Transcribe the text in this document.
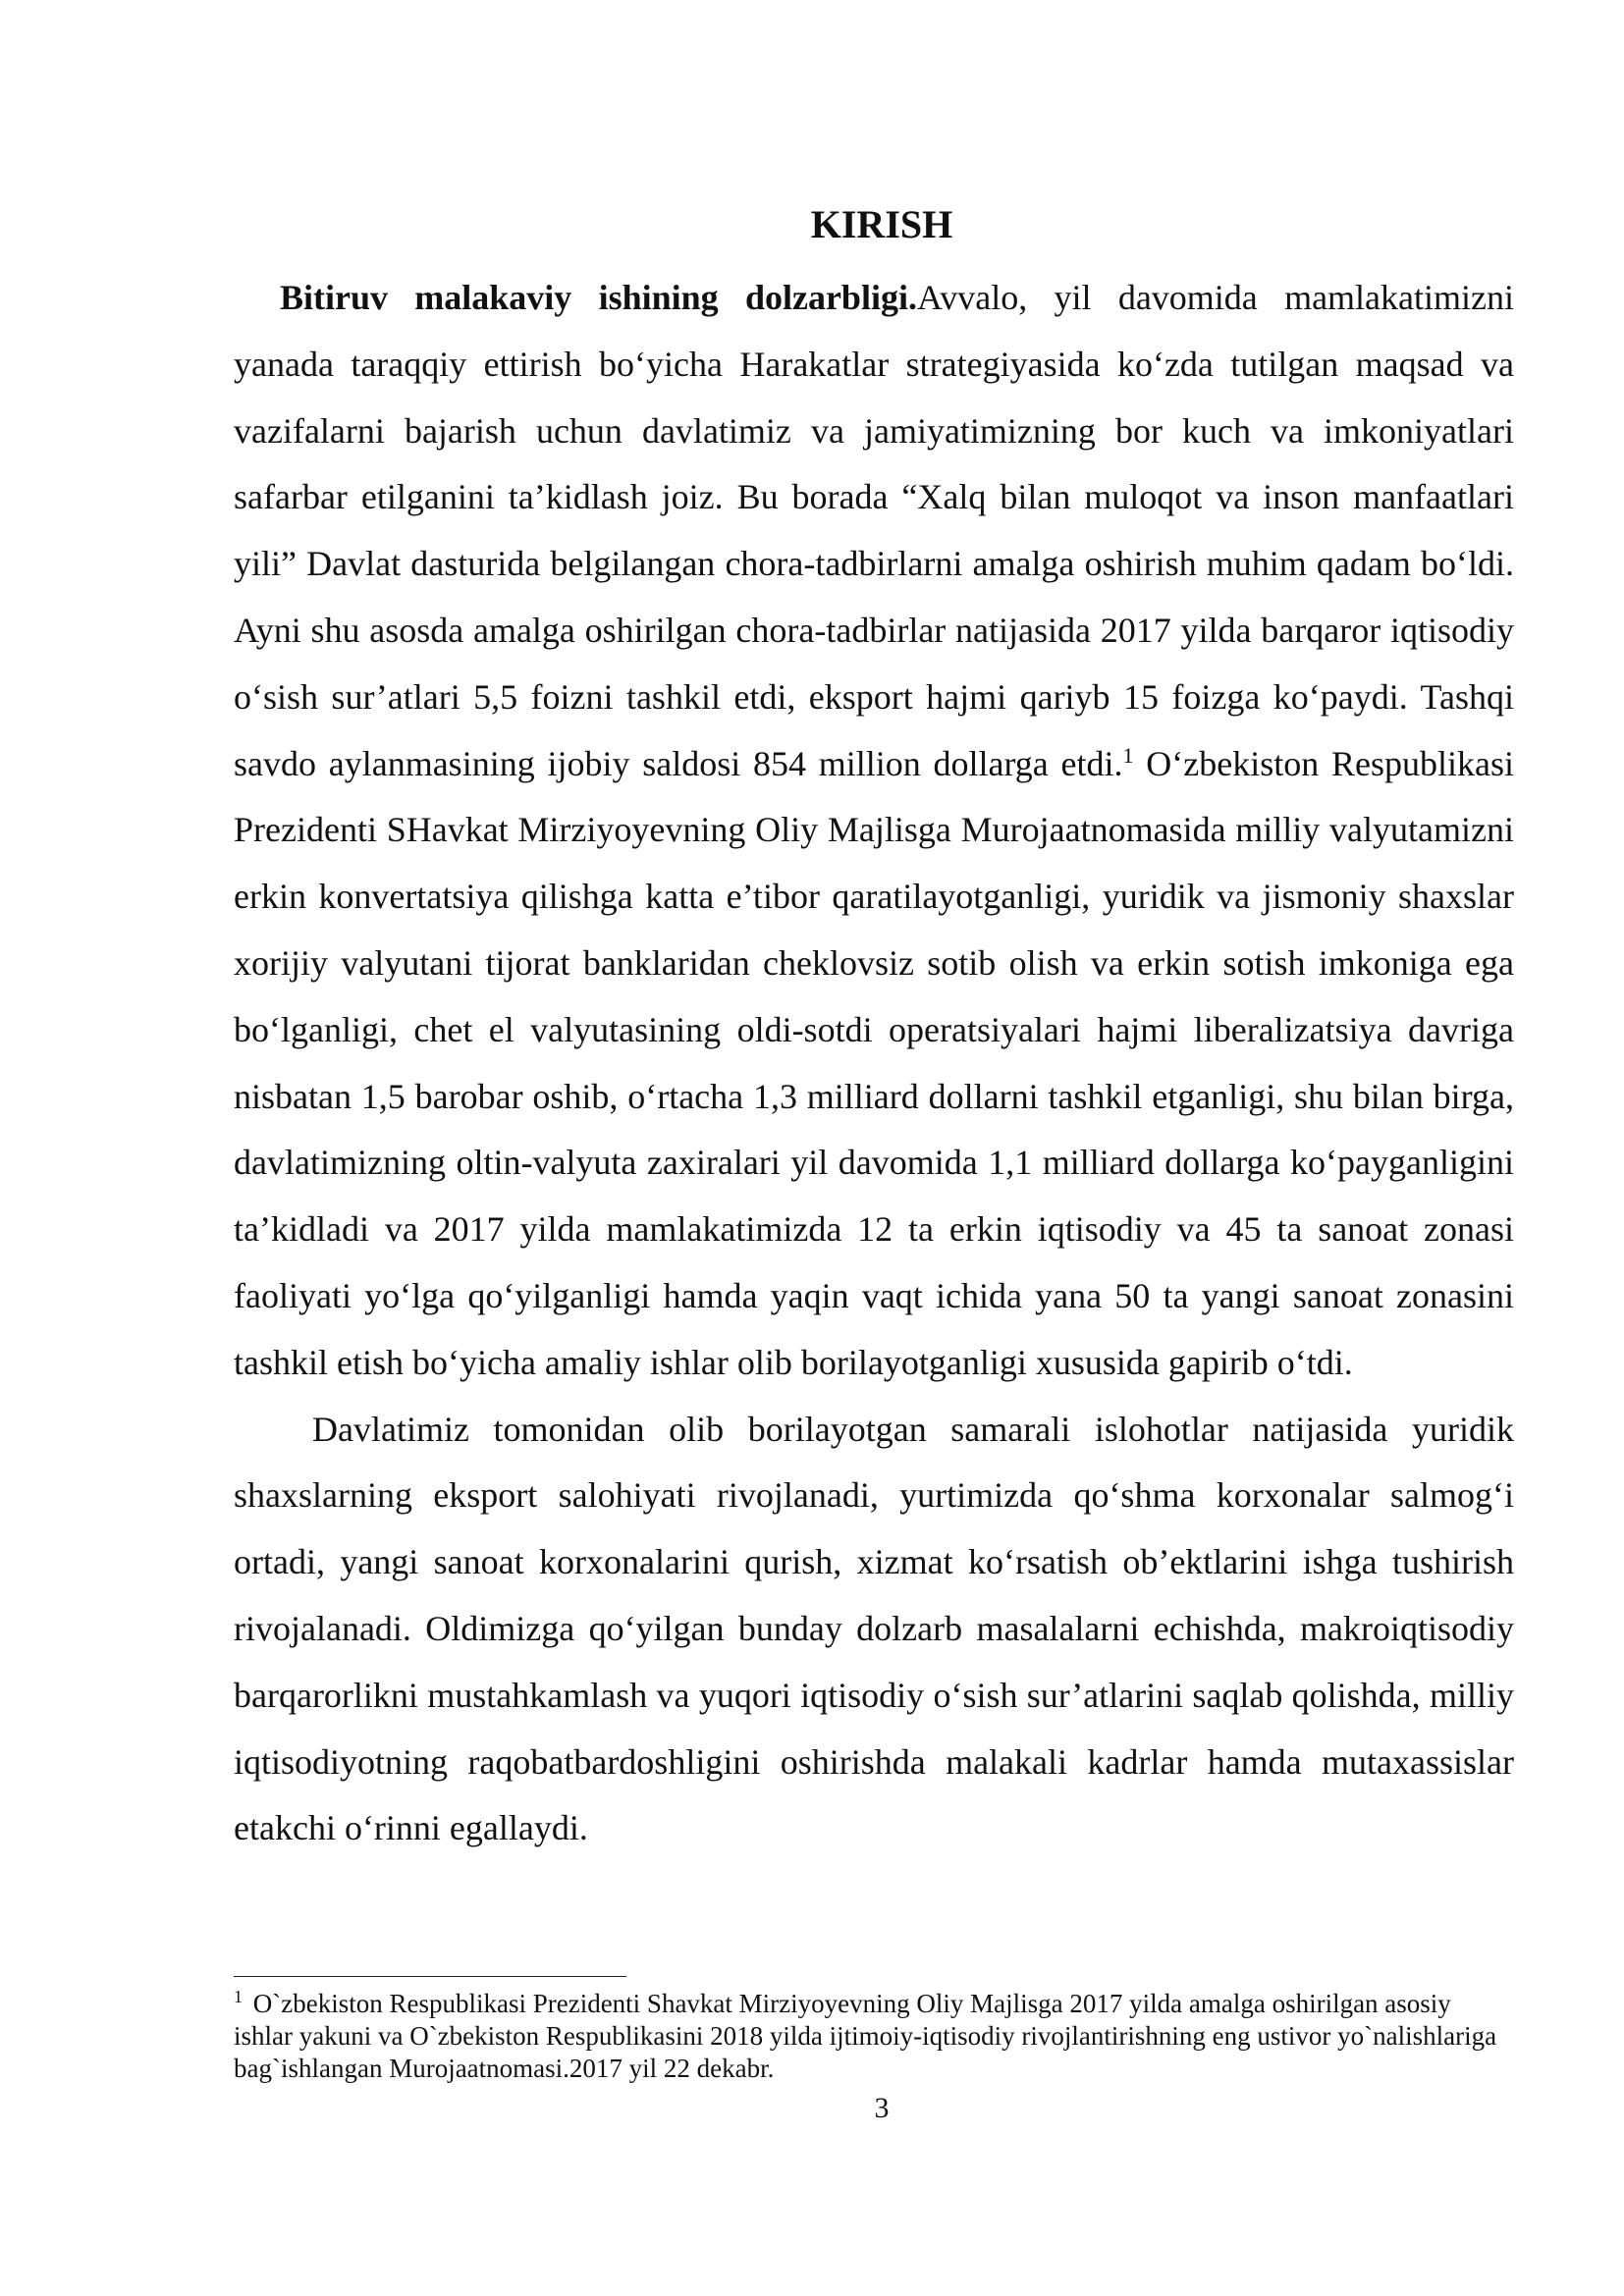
KIRISH

Bitiruv malakaviy ishining dolzarbligi.Avvalo, yil davomida mamlakatimizni yanada taraqqiy ettirish bo‘yicha Harakatlar strategiyasida ko‘zda tutilgan maqsad va vazifalarni bajarish uchun davlatimiz va jamiyatimizning bor kuch va imkoniyatlari safarbar etilganini ta’kidlash joiz. Bu borada “Xalq bilan muloqot va inson manfaatlari yili” Davlat dasturida belgilangan chora-tadbirlarni amalga oshirish muhim qadam bo‘ldi. Ayni shu asosda amalga oshirilgan chora-tadbirlar natijasida 2017 yilda barqaror iqtisodiy o‘sish sur’atlari 5,5 foizni tashkil etdi, eksport hajmi qariyb 15 foizga ko‘paydi. Tashqi savdo aylanmasining ijobiy saldosi 854 million dollarga etdi.$^1$ O‘zbekiston Respublikasi Prezidenti SHavkat Mirziyoyevning Oliy Majlisga Murojaatnomasida milliy valyutamizni erkin konvertatsiya qilishga katta e’tibor qaratilayotganligi, yuridik va jismoniy shaxslar xorijiy valyutani tijorat banklaridan cheklovsiz sotib olish va erkin sotish imkoniga ega bo‘lganligi, chet el valyutasining oldi-sotdi operatsiyalari hajmi liberalizatsiya davriga nisbatan 1,5 barobar oshib, o‘rtacha 1,3 milliard dollarni tashkil etganligi, shu bilan birga, davlatimizning oltin-valyuta zaxiralari yil davomida 1,1 milliard dollarga ko‘payganligini ta’kidladi va 2017 yilda mamlakatimizda 12 ta erkin iqtisodiy va 45 ta sanoat zonasi faoliyati yo‘lga qo‘yilganligi hamda yaqin vaqt ichida yana 50 ta yangi sanoat zonasini tashkil etish bo‘yicha amaliy ishlar olib borilayotganligi xususida gapirib o‘tdi.

Davlatimiz tomonidan olib borilayotgan samarali islohotlar natijasida yuridik shaxslarning eksport salohiyati rivojlanadi, yurtimizda qo‘shma korxonalar salmog‘i ortadi, yangi sanoat korxonalarini qurish, xizmat ko‘rsatish ob’ektlarini ishga tushirish rivojalanadi. Oldimizga qo‘yilgan bunday dolzarb masalalarni echishda, makroiqtisodiy barqarorlikni mustahkamlash va yuqori iqtisodiy o‘sish sur’atlarini saqlab qolishda, milliy iqtisodiyotning raqobatbardoshligini oshirishda malakali kadrlar hamda mutaxassislar etakchi o‘rinni egallaydi.

$^1$ O`zbekiston Respublikasi Prezidenti Shavkat Mirziyoyevning Oliy Majlisga 2017 yilda amalga oshirilgan asosiy ishlar yakuni va O`zbekiston Respublikasini 2018 yilda ijtimoiy-iqtisodiy rivojlantirishning eng ustivor yo`nalishlariga bag`ishlangan Murojaatnomasi.2017 yil 22 dekabr.

3
